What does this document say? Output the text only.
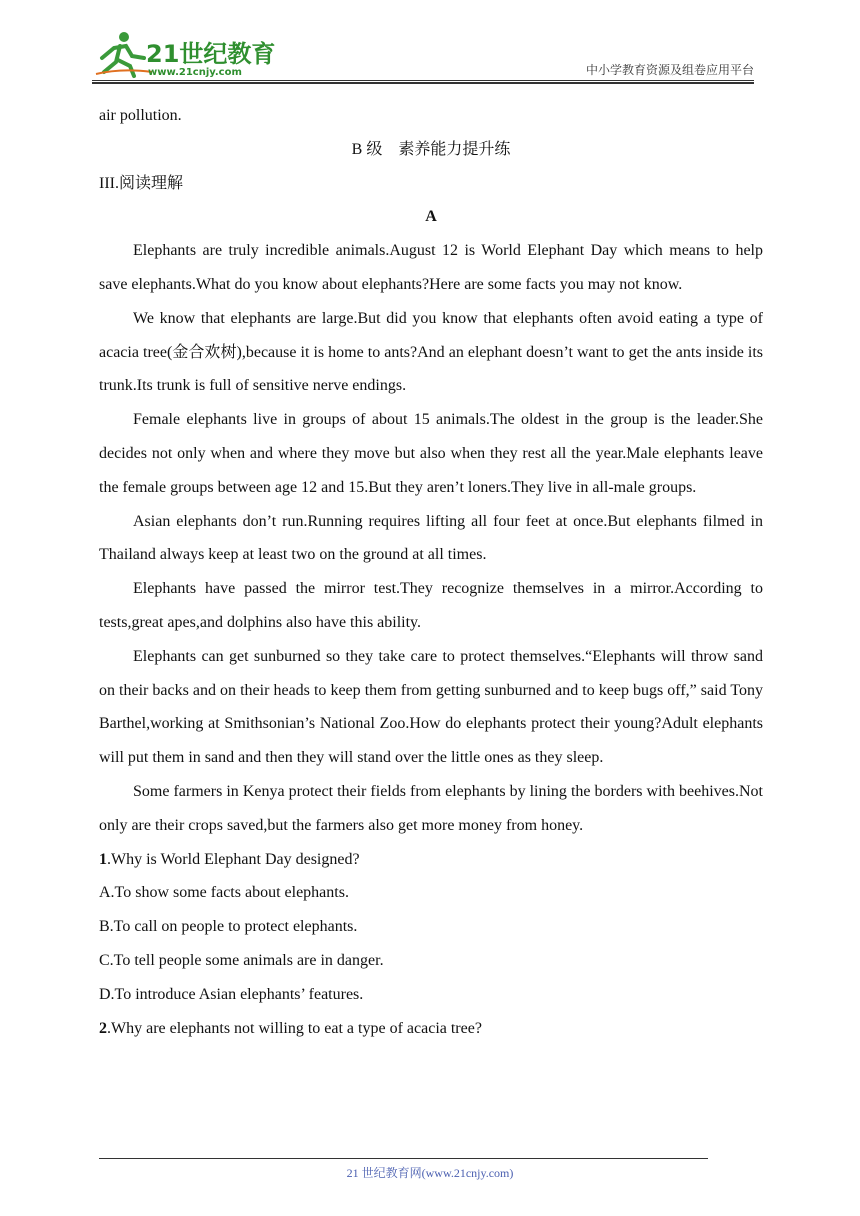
21世纪教育
www.21cnjy.com	中小学教育资源及组卷应用平台

air pollution.

B 级　素养能力提升练

III.阅读理解

A

Elephants are truly incredible animals.August 12 is World Elephant Day which means to help save elephants.What do you know about elephants?Here are some facts you may not know.

We know that elephants are large.But did you know that elephants often avoid eating a type of acacia tree(金合欢树),because it is home to ants?And an elephant doesn’t want to get the ants inside its trunk.Its trunk is full of sensitive nerve endings.

Female elephants live in groups of about 15 animals.The oldest in the group is the leader.She decides not only when and where they move but also when they rest all the year.Male elephants leave the female groups between age 12 and 15.But they aren’t loners.They live in all-male groups.

Asian elephants don’t run.Running requires lifting all four feet at once.But elephants filmed in Thailand always keep at least two on the ground at all times.

Elephants have passed the mirror test.They recognize themselves in a mirror.According to tests,great apes,and dolphins also have this ability.

Elephants can get sunburned so they take care to protect themselves.“Elephants will throw sand on their backs and on their heads to keep them from getting sunburned and to keep bugs off,” said Tony Barthel,working at Smithsonian’s National Zoo.How do elephants protect their young?Adult elephants will put them in sand and then they will stand over the little ones as they sleep.

Some farmers in Kenya protect their fields from elephants by lining the borders with beehives.Not only are their crops saved,but the farmers also get more money from honey.

1.Why is World Elephant Day designed?

A.To show some facts about elephants.

B.To call on people to protect elephants.

C.To tell people some animals are in danger.

D.To introduce Asian elephants’ features.

2.Why are elephants not willing to eat a type of acacia tree?

21 世纪教育网(www.21cnjy.com)
